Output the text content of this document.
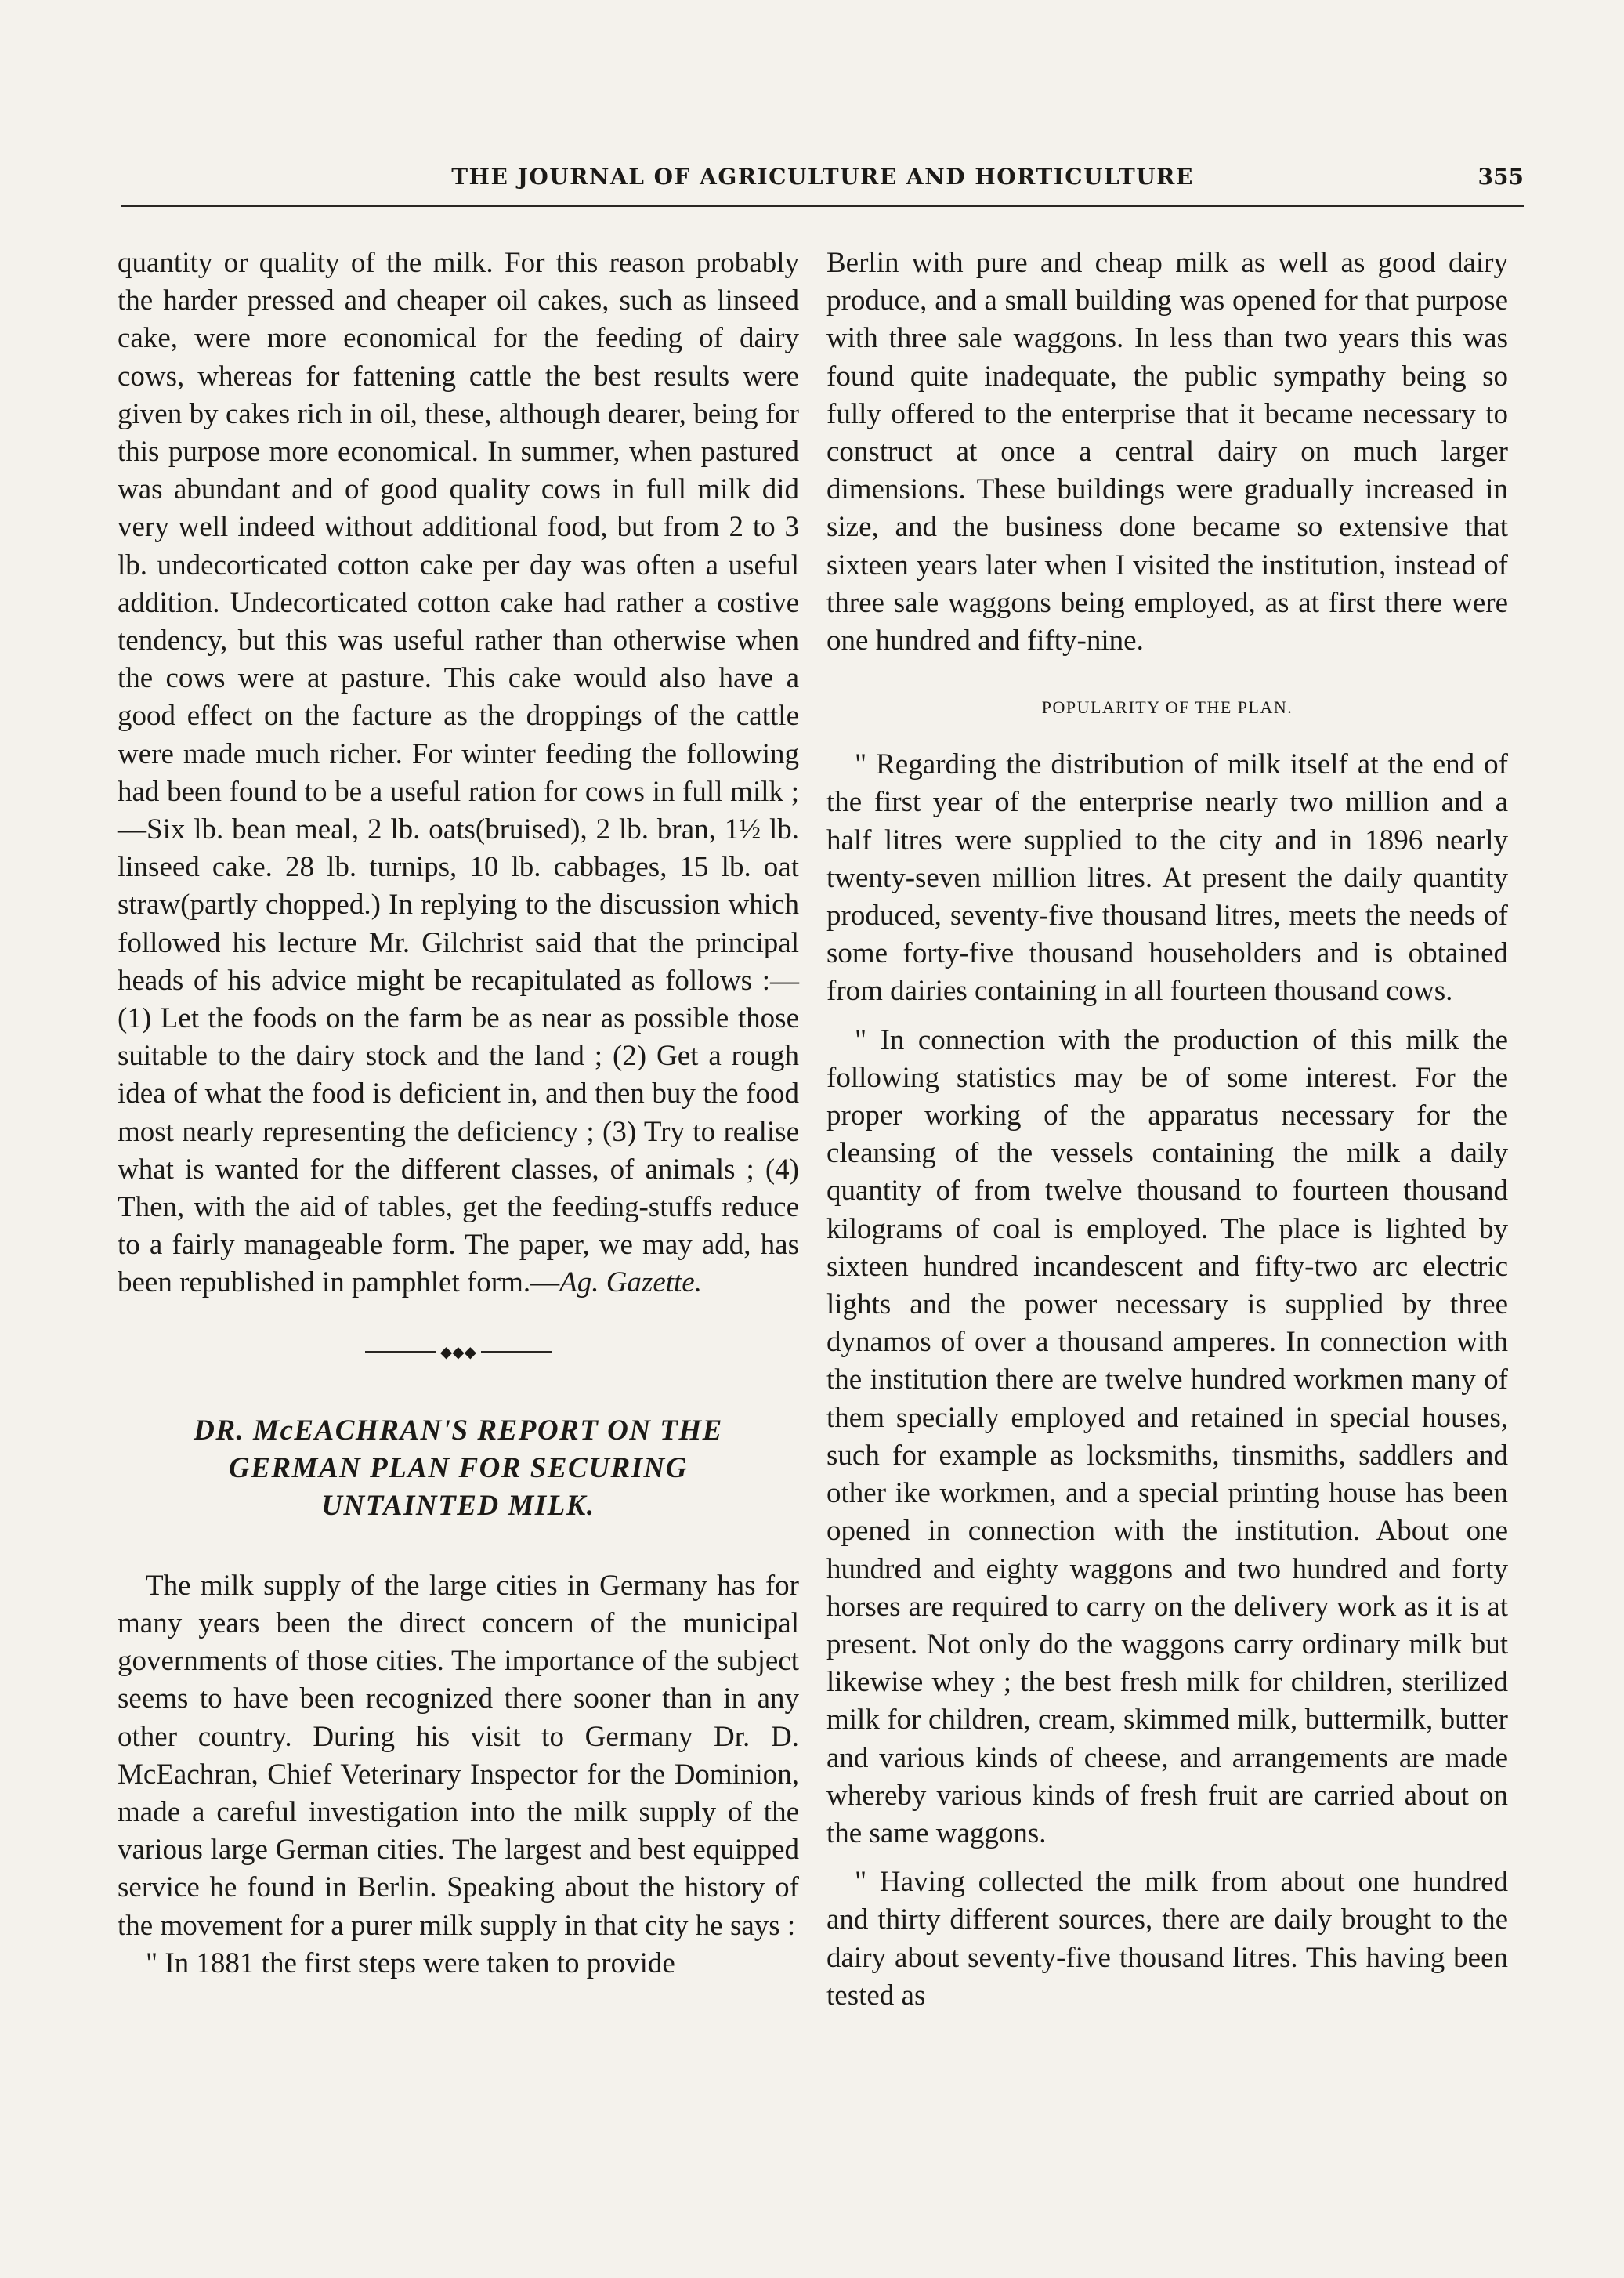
THE JOURNAL OF AGRICULTURE AND HORTICULTURE	355

quantity or quality of the milk. For this reason probably the harder pressed and cheaper oil cakes, such as linseed cake, were more economical for the feeding of dairy cows, whereas for fattening cattle the best results were given by cakes rich in oil, these, although dearer, being for this purpose more economical. In summer, when pastured was abundant and of good quality cows in full milk did very well indeed without additional food, but from 2 to 3 lb. undecorticated cotton cake per day was often a useful addition. Undecorticated cotton cake had rather a costive tendency, but this was useful rather than otherwise when the cows were at pasture. This cake would also have a good effect on the facture as the droppings of the cattle were made much richer. For winter feeding the following had been found to be a useful ration for cows in full milk ;—Six lb. bean meal, 2 lb. oats(bruised), 2 lb. bran, 1½ lb. linseed cake. 28 lb. turnips, 10 lb. cabbages, 15 lb. oat straw(partly chopped.) In replying to the discussion which followed his lecture Mr. Gilchrist said that the principal heads of his advice might be recapitulated as follows :—(1) Let the foods on the farm be as near as possible those suitable to the dairy stock and the land ; (2) Get a rough idea of what the food is deficient in, and then buy the food most nearly representing the deficiency ; (3) Try to realise what is wanted for the different classes, of animals ; (4) Then, with the aid of tables, get the feeding-stuffs reduce to a fairly manageable form. The paper, we may add, has been republished in pamphlet form.—Ag. Gazette.

◆◆◆
DR. McEACHRAN'S REPORT ON THE
GERMAN PLAN FOR SECURING
UNTAINTED MILK.

The milk supply of the large cities in Germany has for many years been the direct concern of the municipal governments of those cities. The importance of the subject seems to have been recognized there sooner than in any other country. During his visit to Germany Dr. D. McEachran, Chief Veterinary Inspector for the Dominion, made a careful investigation into the milk supply of the various large German cities. The largest and best equipped service he found in Berlin. Speaking about the history of the movement for a purer milk supply in that city he says :

" In 1881 the first steps were taken to provide

Berlin with pure and cheap milk as well as good dairy produce, and a small building was opened for that purpose with three sale waggons. In less than two years this was found quite inadequate, the public sympathy being so fully offered to the enterprise that it became necessary to construct at once a central dairy on much larger dimensions. These buildings were gradually increased in size, and the business done became so extensive that sixteen years later when I visited the institution, instead of three sale waggons being employed, as at first there were one hundred and fifty-nine.

POPULARITY OF THE PLAN.

" Regarding the distribution of milk itself at the end of the first year of the enterprise nearly two million and a half litres were supplied to the city and in 1896 nearly twenty-seven million litres. At present the daily quantity produced, seventy-five thousand litres, meets the needs of some forty-five thousand householders and is obtained from dairies containing in all fourteen thousand cows.

" In connection with the production of this milk the following statistics may be of some interest. For the proper working of the apparatus necessary for the cleansing of the vessels containing the milk a daily quantity of from twelve thousand to fourteen thousand kilograms of coal is employed. The place is lighted by sixteen hundred incandescent and fifty-two arc electric lights and the power necessary is supplied by three dynamos of over a thousand amperes. In connection with the institution there are twelve hundred workmen many of them specially employed and retained in special houses, such for example as locksmiths, tinsmiths, saddlers and other ike workmen, and a special printing house has been opened in connection with the institution. About one hundred and eighty waggons and two hundred and forty horses are required to carry on the delivery work as it is at present. Not only do the waggons carry ordinary milk but likewise whey ; the best fresh milk for children, sterilized milk for children, cream, skimmed milk, buttermilk, butter and various kinds of cheese, and arrangements are made whereby various kinds of fresh fruit are carried about on the same waggons.

" Having collected the milk from about one hundred and thirty different sources, there are daily brought to the dairy about seventy-five thousand litres. This having been tested as
